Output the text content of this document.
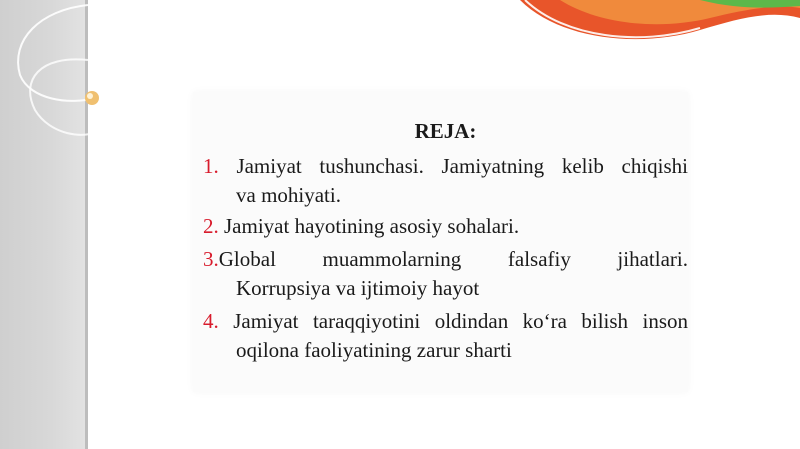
REJA:
1. Jamiyat tushunchasi. Jamiyatning kelib chiqishi
va mohiyati.
2. Jamiyat hayotining asosiy sohalari.
3.Global muammolarning falsafiy jihatlari.
Korrupsiya va ijtimoiy hayot
4. Jamiyat taraqqiyotini oldindan ko‘ra bilish inson
oqilona faoliyatining zarur sharti
